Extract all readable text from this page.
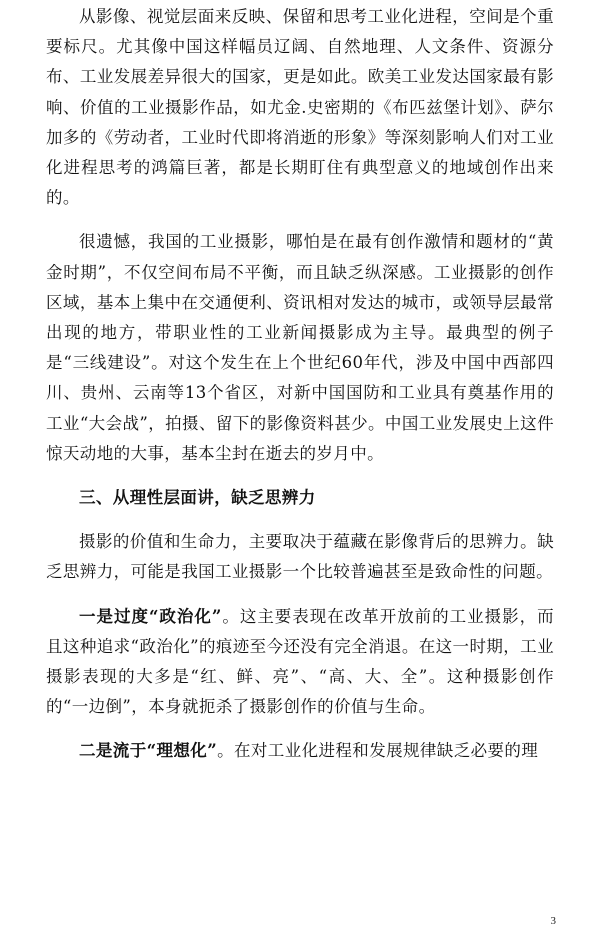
从影像、视觉层面来反映、保留和思考工业化进程，空间是个重要标尺。尤其像中国这样幅员辽阔、自然地理、人文条件、资源分布、工业发展差异很大的国家，更是如此。欧美工业发达国家最有影响、价值的工业摄影作品，如尤金.史密期的《布匹兹堡计划》、萨尔加多的《劳动者，工业时代即将消逝的形象》等深刻影响人们对工业化进程思考的鸿篇巨著，都是长期盯住有典型意义的地域创作出来的。

很遗憾，我国的工业摄影，哪怕是在最有创作激情和题材的“黄金时期”，不仅空间布局不平衡，而且缺乏纵深感。工业摄影的创作区域，基本上集中在交通便利、资讯相对发达的城市，或领导层最常出现的地方，带职业性的工业新闻摄影成为主导。最典型的例子是“三线建设”。对这个发生在上个世纪60年代，涉及中国中西部四川、贵州、云南等13个省区，对新中国国防和工业具有奠基作用的工业“大会战”，拍摄、留下的影像资料甚少。中国工业发展史上这件惊天动地的大事，基本尘封在逝去的岁月中。

三、从理性层面讲，缺乏思辨力

摄影的价值和生命力，主要取决于蕴藏在影像背后的思辨力。缺乏思辨力，可能是我国工业摄影一个比较普遍甚至是致命性的问题。

一是过度“政治化”。这主要表现在改革开放前的工业摄影，而且这种追求“政治化”的痕迹至今还没有完全消退。在这一时期，工业摄影表现的大多是“红、鲜、亮”、“高、大、全”。这种摄影创作的“一边倒”，本身就扼杀了摄影创作的价值与生命。

二是流于“理想化”。在对工业化进程和发展规律缺乏必要的理

3
